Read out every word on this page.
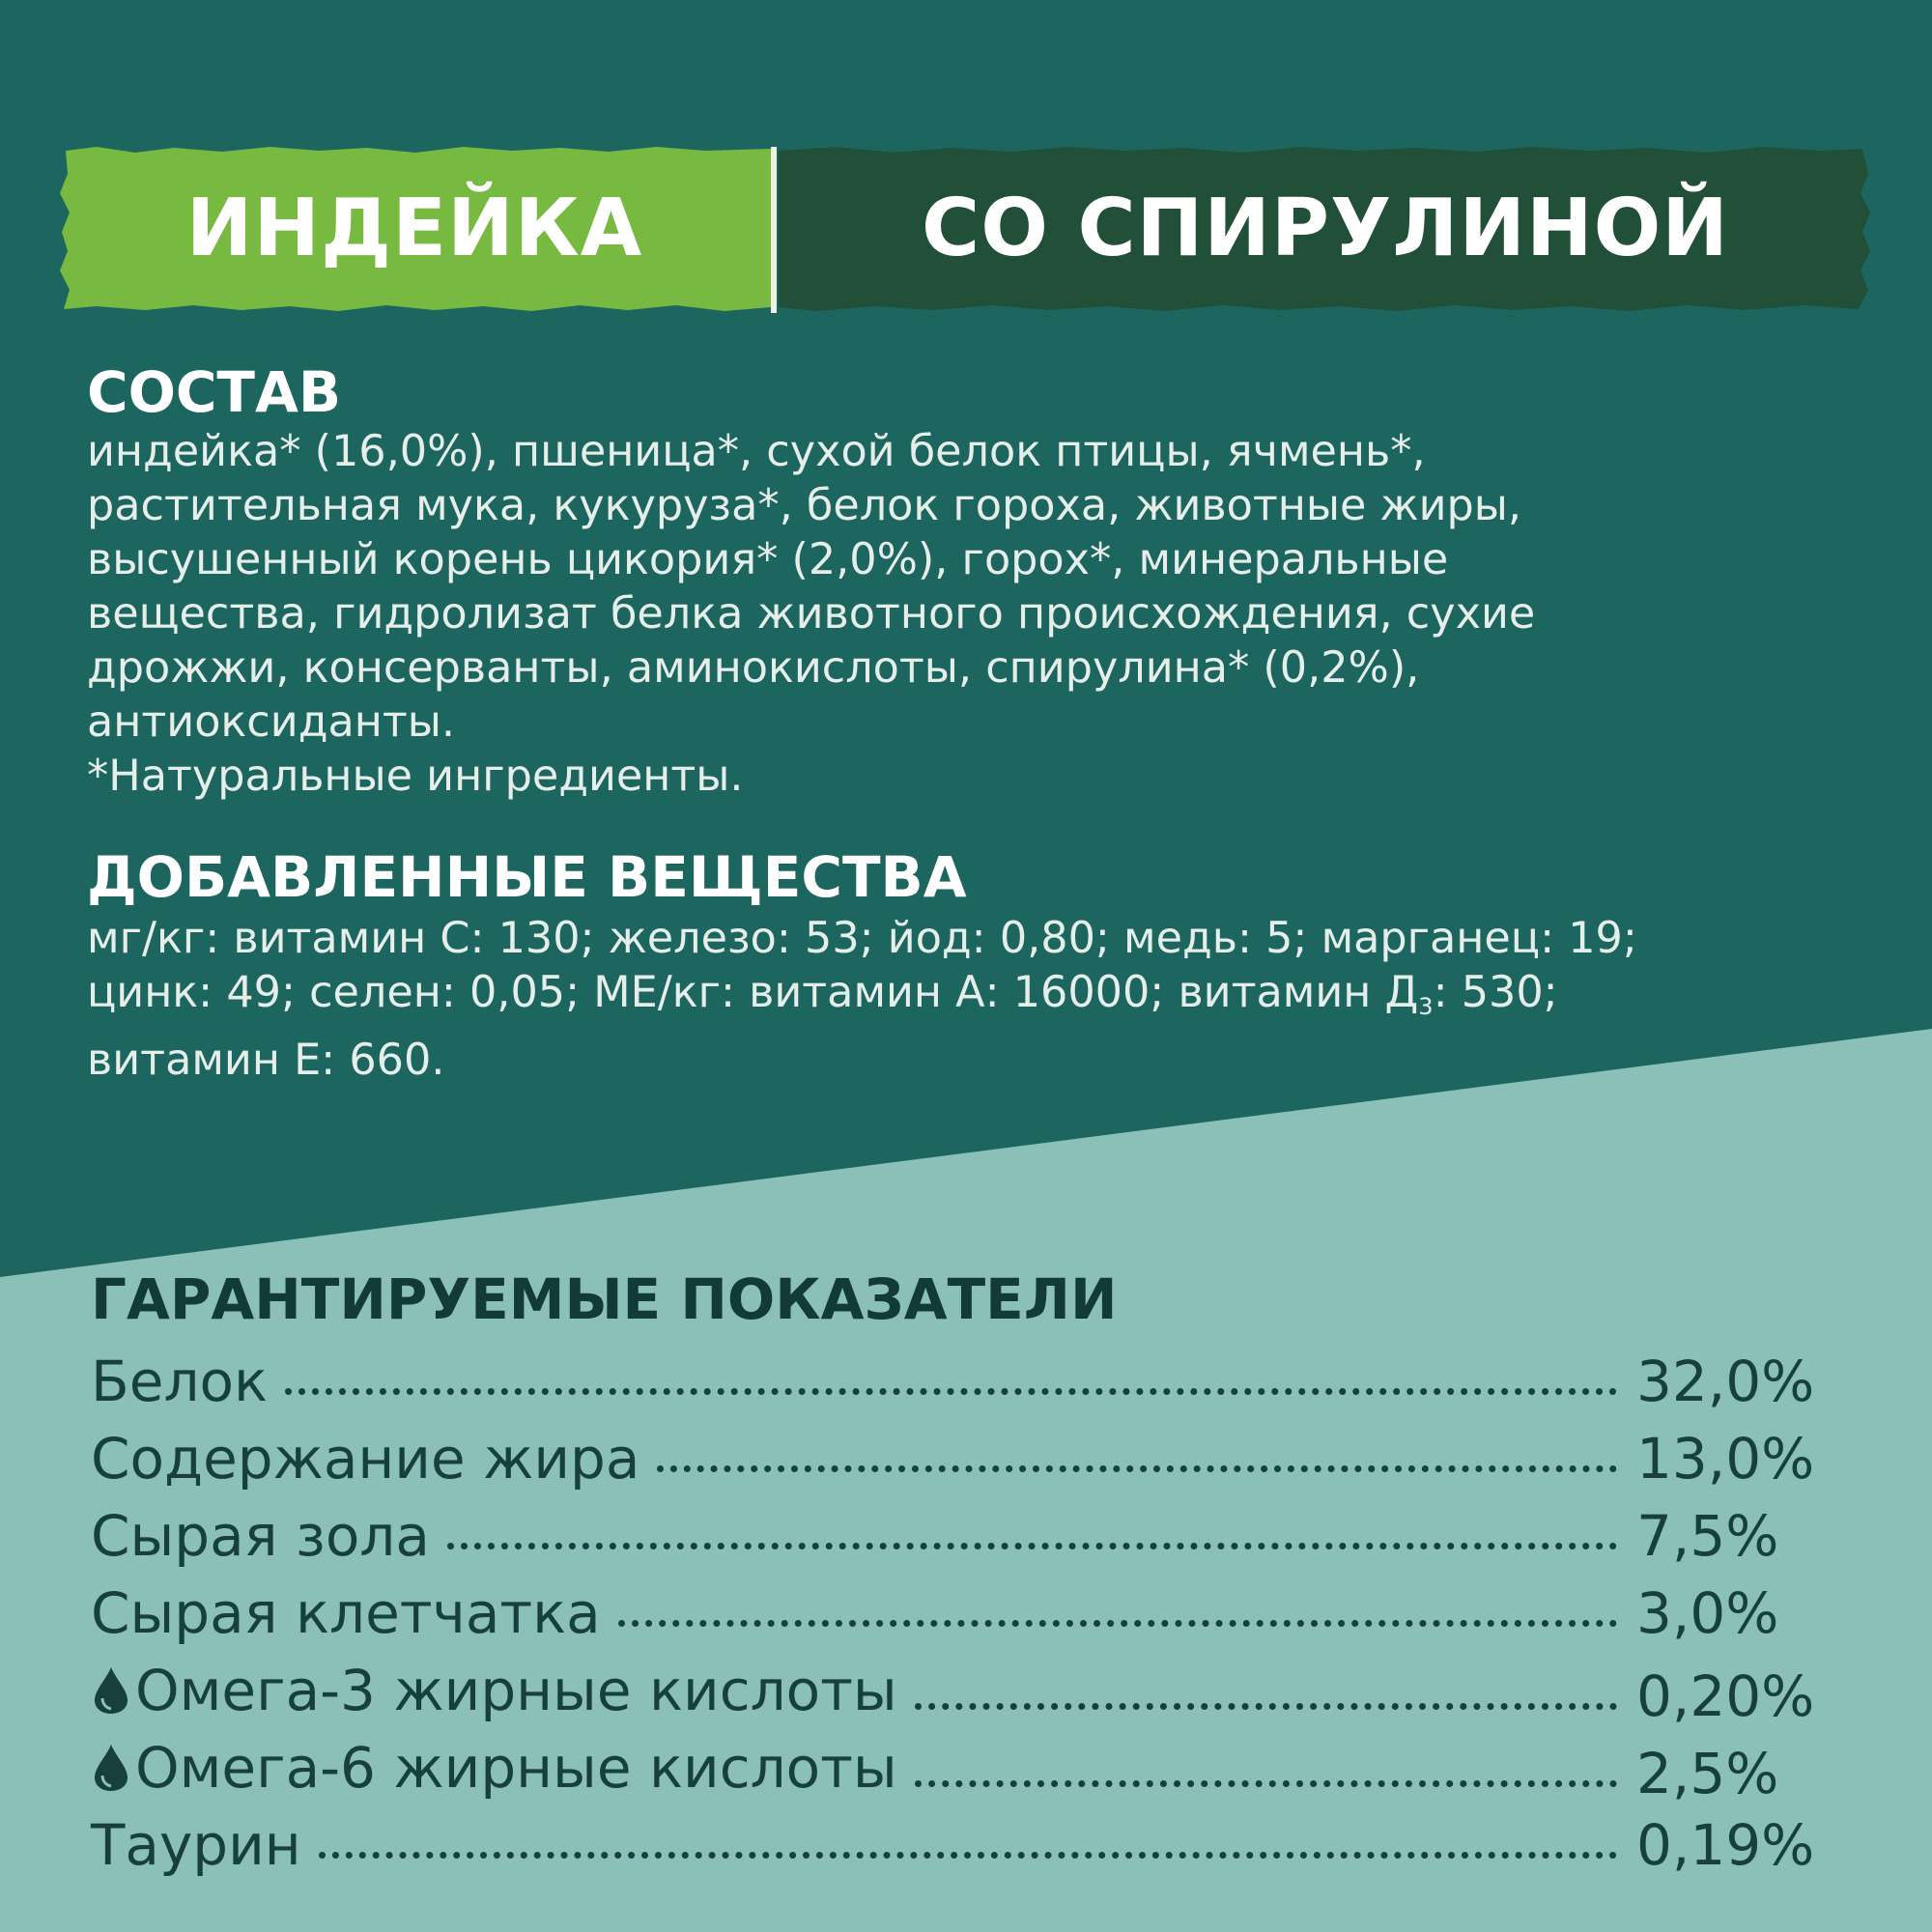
ИНДЕЙКА	СО СПИРУЛИНОЙ
СОСТАВ
индейка* (16,0%), пшеница*, сухой белок птицы, ячмень*,
растительная мука, кукуруза*, белок гороха, животные жиры,
высушенный корень цикория* (2,0%), горох*, минеральные
вещества, гидролизат белка животного происхождения, сухие
дрожжи, консерванты, аминокислоты, спирулина* (0,2%),
антиоксиданты.
*Натуральные ингредиенты.
ДОБАВЛЕННЫЕ ВЕЩЕСТВА
мг/кг: витамин С: 130; железо: 53; йод: 0,80; медь: 5; марганец: 19;
цинк: 49; селен: 0,05; МЕ/кг: витамин А: 16000; витамин $Д_3$: 530;
витамин Е: 660.
ГАРАНТИРУЕМЫЕ ПОКАЗАТЕЛИ
Белок	32,0%
Содержание жира	13,0%
Сырая зола	7,5%
Сырая клетчатка	3,0%
Омега-3 жирные кислоты	0,20%
Омега-6 жирные кислоты	2,5%
Таурин	0,19%
